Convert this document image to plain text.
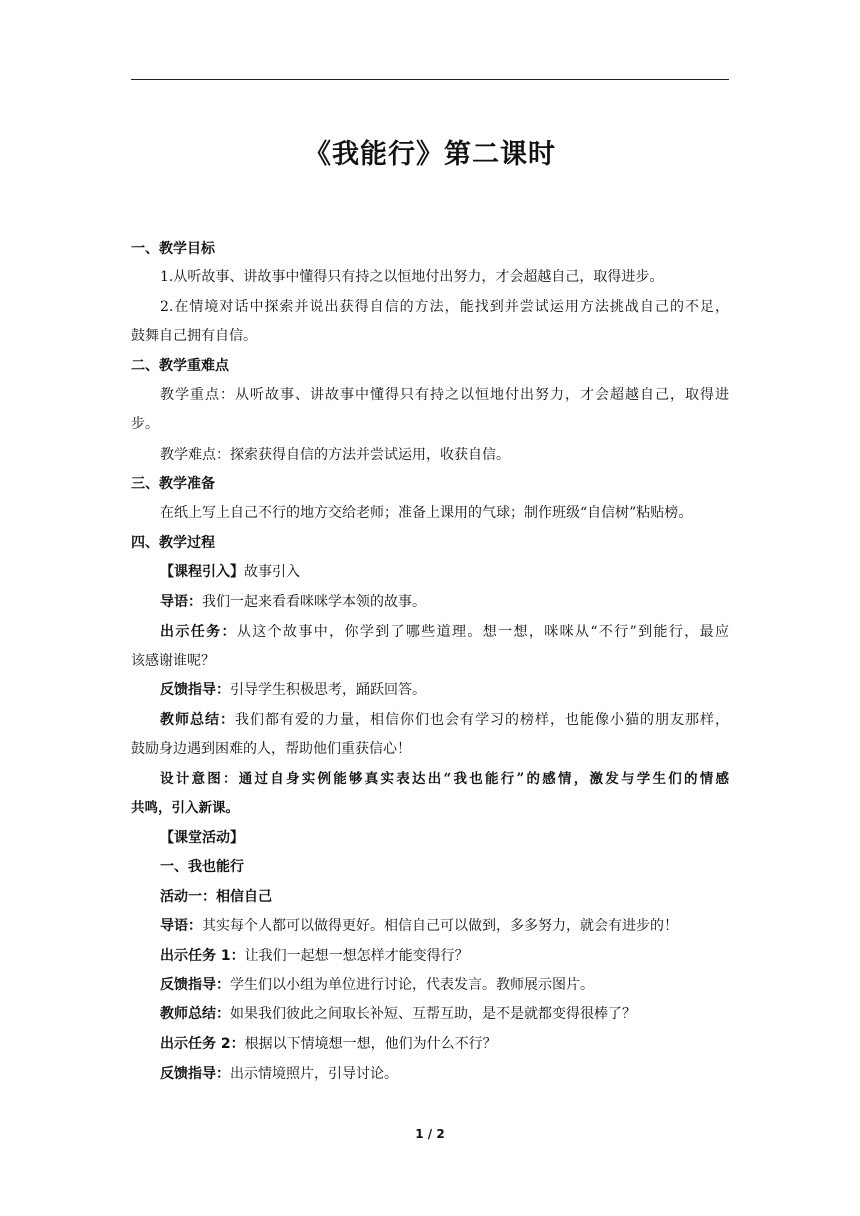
《我能行》第二课时
一、教学目标
1.从听故事、讲故事中懂得只有持之以恒地付出努力，才会超越自己，取得进步。
2.在情境对话中探索并说出获得自信的方法，能找到并尝试运用方法挑战自己的不足，
鼓舞自己拥有自信。
二、教学重难点
教学重点：从听故事、讲故事中懂得只有持之以恒地付出努力，才会超越自己，取得进
步。
教学难点：探索获得自信的方法并尝试运用，收获自信。
三、教学准备
在纸上写上自己不行的地方交给老师；准备上课用的气球；制作班级“自信树”粘贴榜。
四、教学过程
【课程引入】故事引入
导语：我们一起来看看咪咪学本领的故事。
出示任务：从这个故事中，你学到了哪些道理。想一想，咪咪从“不行”到能行，最应
该感谢谁呢？
反馈指导：引导学生积极思考，踊跃回答。
教师总结：我们都有爱的力量，相信你们也会有学习的榜样，也能像小猫的朋友那样，
鼓励身边遇到困难的人，帮助他们重获信心！
设计意图：通过自身实例能够真实表达出“我也能行”的感情，激发与学生们的情感
共鸣，引入新课。
【课堂活动】
一、我也能行
活动一：相信自己
导语：其实每个人都可以做得更好。相信自己可以做到，多多努力，就会有进步的！
出示任务 1：让我们一起想一想怎样才能变得行？
反馈指导：学生们以小组为单位进行讨论，代表发言。教师展示图片。
教师总结：如果我们彼此之间取长补短、互帮互助，是不是就都变得很棒了？
出示任务 2：根据以下情境想一想，他们为什么不行？
反馈指导：出示情境照片，引导讨论。
1 / 2
